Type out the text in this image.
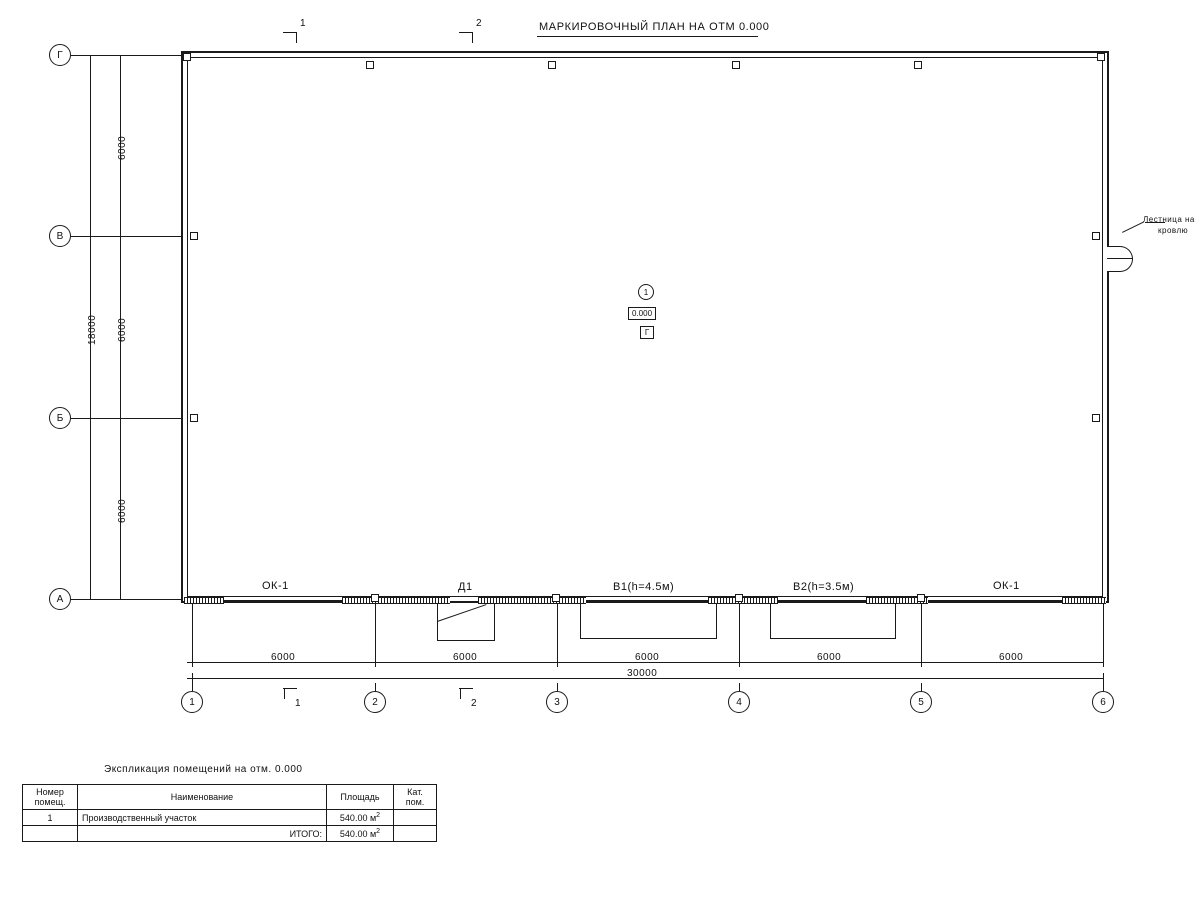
МАРКИРОВОЧНЫЙ ПЛАН НА ОТМ 0.000
Г
В
Б
А
18000
6000
6000
6000
1	2
ОК-1	Д1	В1(h=4.5м)	В2(h=3.5м)	ОК-1
1
0.000
Г
Лестница на
кровлю
6000	6000	6000	6000	6000
30000
1	2	3	4	5	6
1	2
Экспликация помещений на отм. 0.000
Номер
помещ.	Наименование	Площадь	Кат.
пом.

1	Производственный участок	540.00 $м^2$	
	ИТОГО:	540.00 $м^2$	
